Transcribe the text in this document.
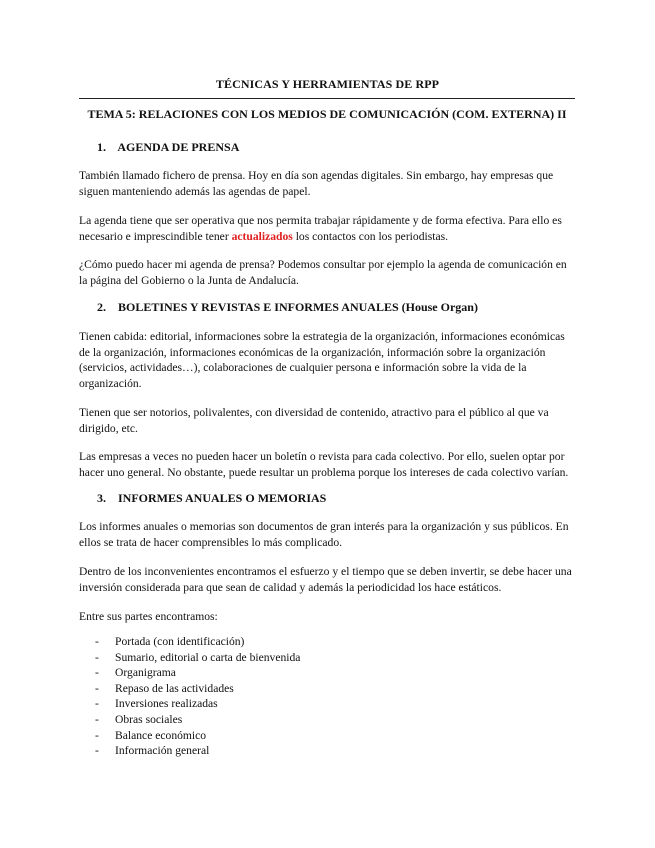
TÉCNICAS Y HERRAMIENTAS DE RPP
TEMA 5: RELACIONES CON LOS MEDIOS DE COMUNICACIÓN (COM. EXTERNA) II
1. AGENDA DE PRENSA
También llamado fichero de prensa. Hoy en día son agendas digitales. Sin embargo, hay empresas que siguen manteniendo además las agendas de papel.
La agenda tiene que ser operativa que nos permita trabajar rápidamente y de forma efectiva. Para ello es necesario e imprescindible tener actualizados los contactos con los periodistas.
¿Cómo puedo hacer mi agenda de prensa? Podemos consultar por ejemplo la agenda de comunicación en la página del Gobierno o la Junta de Andalucía.
2. BOLETINES Y REVISTAS E INFORMES ANUALES (House Organ)
Tienen cabida: editorial, informaciones sobre la estrategia de la organización, informaciones económicas de la organización, informaciones económicas de la organización, información sobre la organización (servicios, actividades…), colaboraciones de cualquier persona e información sobre la vida de la organización.
Tienen que ser notorios, polivalentes, con diversidad de contenido, atractivo para el público al que va dirigido, etc.
Las empresas a veces no pueden hacer un boletín o revista para cada colectivo. Por ello, suelen optar por hacer uno general. No obstante, puede resultar un problema porque los intereses de cada colectivo varían.
3. INFORMES ANUALES O MEMORIAS
Los informes anuales o memorias son documentos de gran interés para la organización y sus públicos. En ellos se trata de hacer comprensibles lo más complicado.
Dentro de los inconvenientes encontramos el esfuerzo y el tiempo que se deben invertir, se debe hacer una inversión considerada para que sean de calidad y además la periodicidad los hace estáticos.
Entre sus partes encontramos:
- Portada (con identificación)
- Sumario, editorial o carta de bienvenida
- Organigrama
- Repaso de las actividades
- Inversiones realizadas
- Obras sociales
- Balance económico
- Información general
